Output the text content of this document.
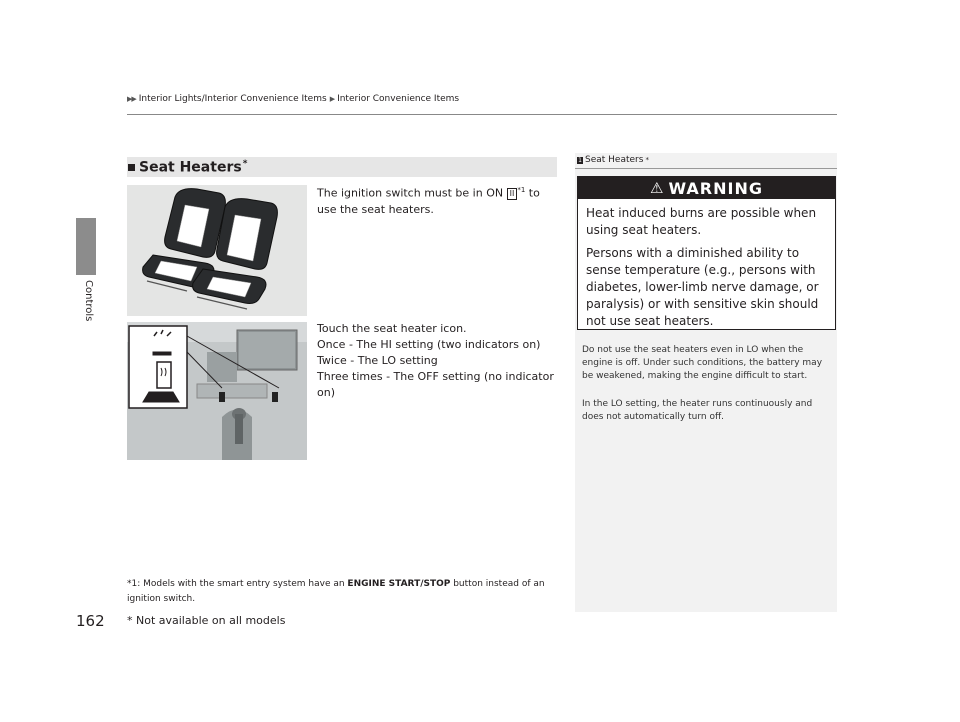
▶▶ Interior Lights/Interior Convenience Items ▶ Interior Convenience Items
Controls
Seat Heaters*
The ignition switch must be in ON II $^{*1}$ to use the seat heaters.
Touch the seat heater icon.
Once - The HI setting (two indicators on)
Twice - The LO setting
Three times - The OFF setting (no indicator on)
*1: Models with the smart entry system have an ENGINE START/STOP button instead of an ignition switch.
1 Seat Heaters *
⚠ WARNING

Heat induced burns are possible when using seat heaters.

Persons with a diminished ability to sense temperature (e.g., persons with diabetes, lower-limb nerve damage, or paralysis) or with sensitive skin should not use seat heaters.

Do not use the seat heaters even in LO when the engine is off. Under such conditions, the battery may be weakened, making the engine difficult to start.
In the LO setting, the heater runs continuously and does not automatically turn off.
162 * Not available on all models
